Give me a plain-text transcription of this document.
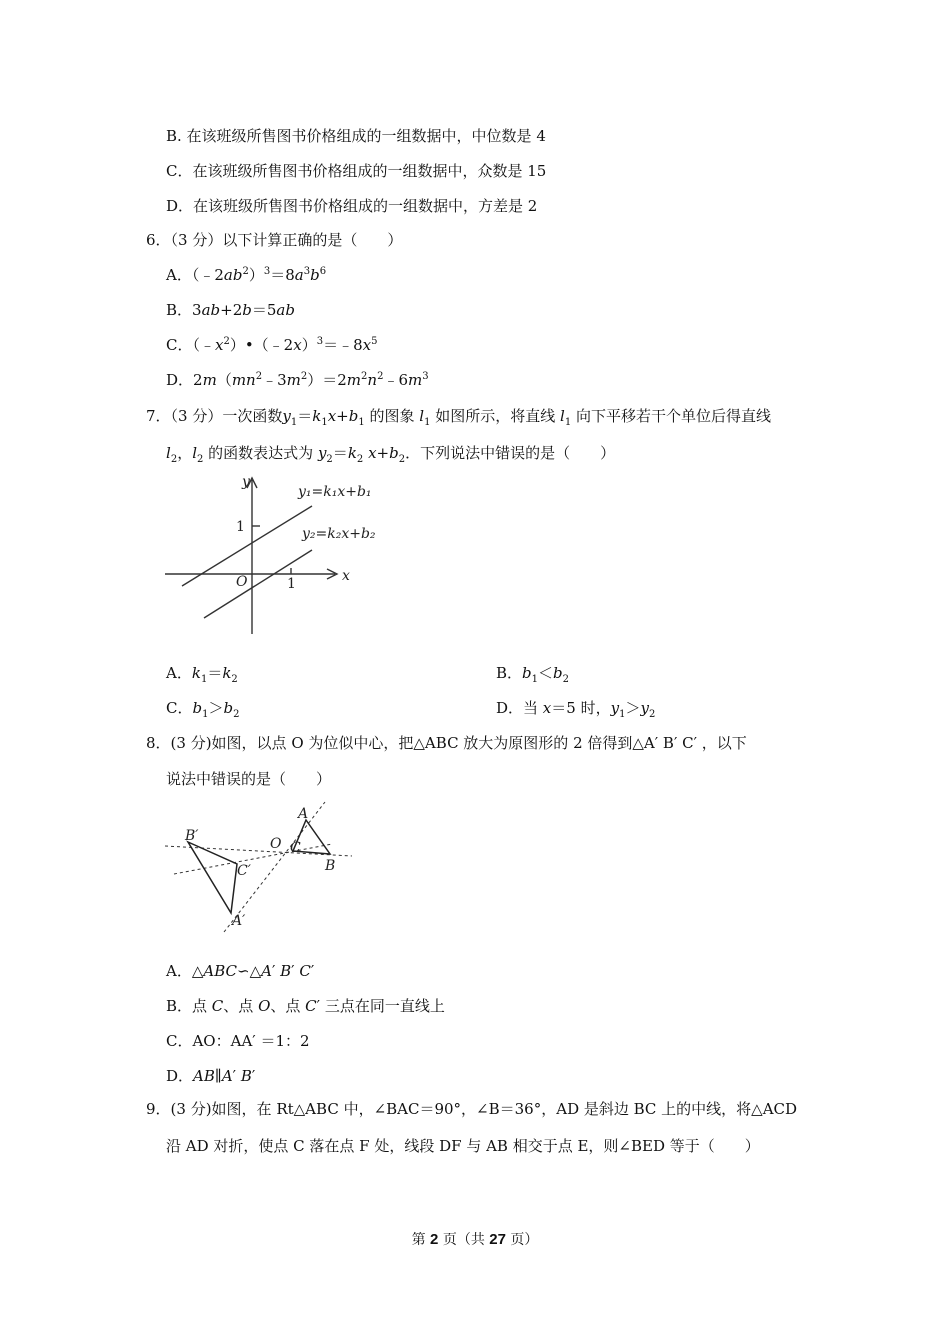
B. 在该班级所售图书价格组成的一组数据中，中位数是 4
C．在该班级所售图书价格组成的一组数据中，众数是 15
D．在该班级所售图书价格组成的一组数据中，方差是 2
6．（3 分）以下计算正确的是（　　）
A．$(﹣2ab^2)^3=8a^3b^6$
B．3ab+2b＝5ab
C．$(﹣x^2)•(﹣2x)^3=﹣8x^5$
D．$2m(mn^2﹣3m^2)=2m^2n^2﹣6m^3$
7．（3 分）一次函数$y_1=k_1x+b_1$ 的图象 $l_1$ 如图所示，将直线 $l_1$ 向下平移若干个单位后得直线
$l_2$，$l_2$ 的函数表达式为 $y_2=k_2$ $x+b_2$．下列说法中错误的是（　　）
y
x
O
1
1
y₁=k₁x+b₁
y₂=k₂x+b₂
A．$k_1=k_2$	B．$b_1<b_2$
C．$b_1>b_2$	D．当 x＝5 时，$y_1>y_2$
8．(3 分)如图，以点 O 为位似中心，把△ABC 放大为原图形的 2 倍得到△A′ B′ C′ ，以下
说法中错误的是（　　）
A
B
C
O
B′
C′
A′
A．△ABC∽△A′ B′ C′
B．点 C、点 O、点 C′ 三点在同一直线上
C．AO：AA′ ＝1：2
D．AB∥A′ B′
9．(3 分)如图，在 Rt△ABC 中，∠BAC＝90°，∠B＝36°，AD 是斜边 BC 上的中线，将△ACD
沿 AD 对折，使点 C 落在点 F 处，线段 DF 与 AB 相交于点 E，则∠BED 等于（　　）
第 2 页（共 27 页）
